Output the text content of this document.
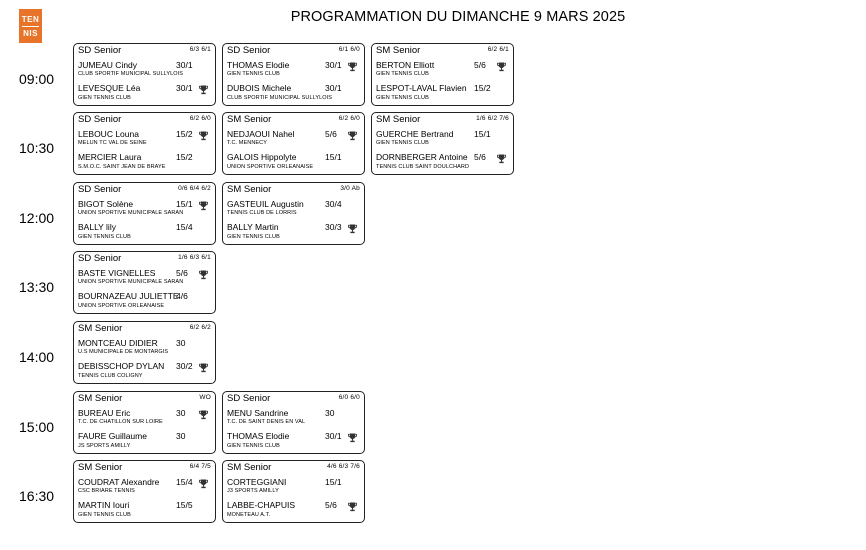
TEN
NIS
PROGRAMMATION DU DIMANCHE 9 MARS 2025
09:00
SD Senior	6/3 6/1
JUMEAU Cindy
CLUB SPORTIF MUNICIPAL SULLYLOIS
30/1
LEVESQUE Léa
GIEN TENNIS CLUB
30/1
SD Senior	6/1 6/0
THOMAS Elodie
GIEN TENNIS CLUB
30/1
DUBOIS Michele
CLUB SPORTIF MUNICIPAL SULLYLOIS
30/1
SM Senior	6/2 6/1
BERTON Elliott
GIEN TENNIS CLUB
5/6
LESPOT-LAVAL Flavien
GIEN TENNIS CLUB
15/2
10:30
SD Senior	6/2 6/0
LEBOUC Louna
MELUN TC VAL DE SEINE
15/2
MERCIER Laura
S.M.O.C. SAINT JEAN DE BRAYE
15/2
SM Senior	6/2 6/0
NEDJAOUI Nahel
T.C. MENNECY
5/6
GALOIS Hippolyte
UNION SPORTIVE ORLEANAISE
15/1
SM Senior	1/6 6/2 7/6
GUERCHE Bertrand
GIEN TENNIS CLUB
15/1
DORNBERGER Antoine
TENNIS CLUB SAINT DOULCHARD
5/6
12:00
SD Senior	0/6 6/4 6/2
BIGOT Solène
UNION SPORTIVE MUNICIPALE SARAN
15/1
BALLY lily
GIEN TENNIS CLUB
15/4
SM Senior	3/0 Ab
GASTEUIL Augustin
TENNIS CLUB DE LORRIS
30/4
BALLY Martin
GIEN TENNIS CLUB
30/3
13:30
SD Senior	1/6 6/3 6/1
BASTE VIGNELLES
UNION SPORTIVE MUNICIPALE SARAN
5/6
BOURNAZEAU JULIETTE
UNION SPORTIVE ORLEANAISE
4/6
14:00
SM Senior	6/2 6/2
MONTCEAU DIDIER
U.S MUNICIPALE DE MONTARGIS
30
DEBISSCHOP DYLAN
TENNIS CLUB COLIGNY
30/2
15:00
SM Senior	WO
BUREAU Eric
T.C. DE CHATILLON SUR LOIRE
30
FAURE Guillaume
JS SPORTS AMILLY
30
SD Senior	6/0 6/0
MENU Sandrine
T.C. DE SAINT DENIS EN VAL
30
THOMAS Elodie
GIEN TENNIS CLUB
30/1
16:30
SM Senior	6/4 7/5
COUDRAT Alexandre
CSC BRIARE TENNIS
15/4
MARTIN Iouri
GIEN TENNIS CLUB
15/5
SM Senior	4/6 6/3 7/6
CORTEGGIANI
J3 SPORTS AMILLY
15/1
LABBE-CHAPUIS
MONETEAU A.T.
5/6
